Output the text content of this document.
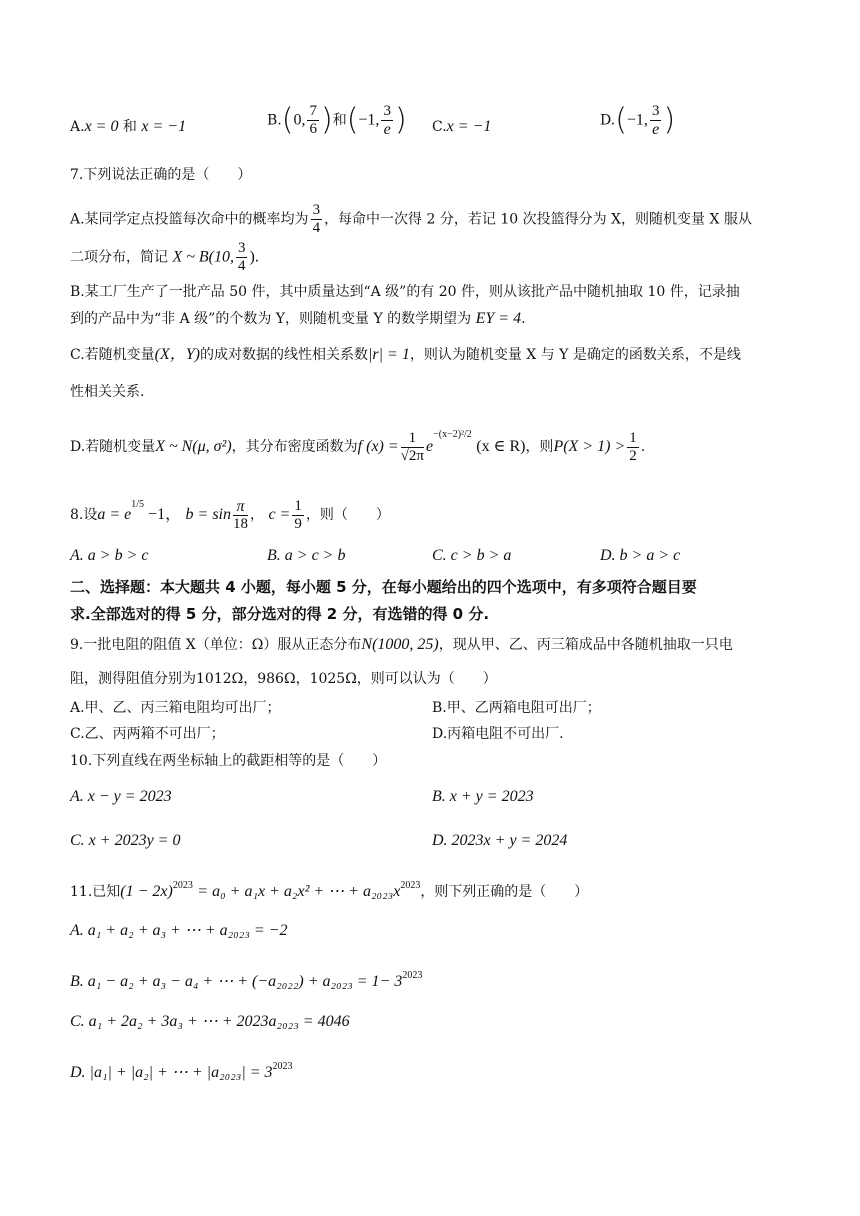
A.x = 0 和 x = −1	B.(0, $\frac{7}{6}$ )和(−1, $\frac{3}{e}$ ) C.x = −1	D.(−1, $\frac{3}{e}$ )
7.下列说法正确的是（　　）
A.某同学定点投篮每次命中的概率均为 $\frac{3}{4}$ ，每命中一次得 2 分，若记 10 次投篮得分为 X，则随机变量 X 服从
二项分布，简记 X ~ B(10, $\frac{3}{4}$ ).
B.某工厂生产了一批产品 50 件，其中质量达到“A 级”的有 20 件，则从该批产品中随机抽取 10 件，记录抽
到的产品中为“非 A 级”的个数为 Y，则随机变量 Y 的数学期望为 EY = 4.
C.若随机变量(X，Y)的成对数据的线性相关系数|r| = 1，则认为随机变量 X 与 Y 是确定的函数关系，不是线
性相关关系.
D.若随机变量X ~ N(μ, σ²)，其分布密度函数为f $(x) = \frac{1}{√2\pi} e^{-(x-2)^2/2}$ (x ∈ R)，则$P(X > 1) > \frac{1}{2}$ .
8.设$a = e^{1/5} -1$， $b = \sin \frac{\pi}{18}$ ， $c = \frac{1}{9}$ ，则（　　）
A. a > b > c	B. a > c > b	C. c > b > a	D. b > a > c
二、选择题：本大题共 4 小题，每小题 5 分，在每小题给出的四个选项中，有多项符合题目要
求.全部选对的得 5 分，部分选对的得 2 分，有选错的得 0 分.
9.一批电阻的阻值 X（单位：Ω）服从正态分布N(1000, 25)，现从甲、乙、丙三箱成品中各随机抽取一只电
阻，测得阻值分别为1012Ω，986Ω，1025Ω，则可以认为（　　）
A.甲、乙、丙三箱电阻均可出厂；	B.甲、乙两箱电阻可出厂；
C.乙、丙两箱不可出厂；	D.丙箱电阻不可出厂.
10.下列直线在两坐标轴上的截距相等的是（　　）
A. x − y = 2023	B. x + y = 2023
C. x + 2023y = 0	D. 2023x + y = 2024
11.已知$(1 - 2x)^{2023} = a_0 + a_1x + a_2x^2$ + ⋯ + $a_{2023}x^{2023}$，则下列正确的是（　　）
A. a₁ + a₂ + a₃ + ⋯ + a₂₀₂₃ = −2
B. a₁ − a₂ + a₃ − a₄ + ⋯ + $(-a_{2022}) + a_{2023} = 1- 3^{2023}$
C. a₁ + 2a₂ + 3a₃ + ⋯ + 2023a₂₀₂₃ = 4046
D. |a₁| + |a₂| + ⋯ + $|a_{2023}| = 3^{2023}$
